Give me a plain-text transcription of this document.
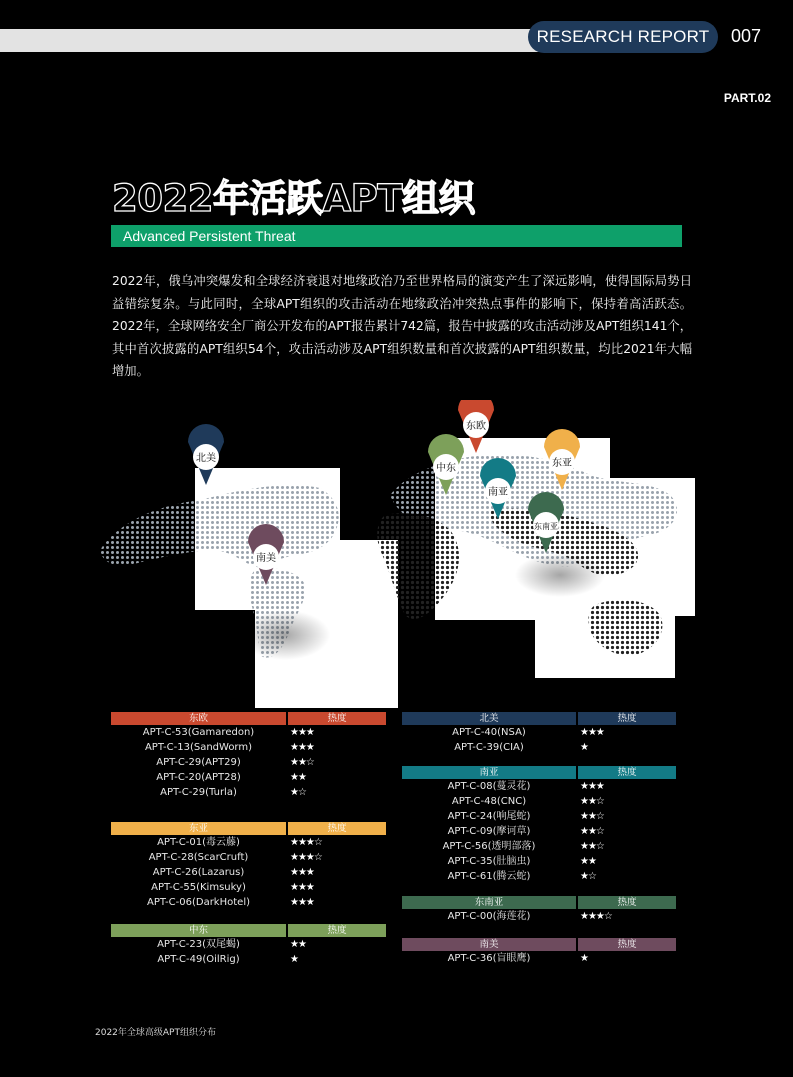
RESEARCH REPORT	007
PART.02
2022年活跃APT组织
Advanced Persistent Threat
2022年，俄乌冲突爆发和全球经济衰退对地缘政治乃至世界格局的演变产生了深远影响，使得国际局势日益错综复杂。与此同时，全球APT组织的攻击活动在地缘政治冲突热点事件的影响下，保持着高活跃态。2022年，全球网络安全厂商公开发布的APT报告累计742篇，报告中披露的攻击活动涉及APT组织141个，其中首次披露的APT组织54个，攻击活动涉及APT组织数量和首次披露的APT组织数量，均比2021年大幅增加。
北美
南美
东欧
中东
南亚
东亚
东南亚
东欧	热度
APT-C-53(Gamaredon)	★★★
APT-C-13(SandWorm)	★★★
APT-C-29(APT29)	★★☆
APT-C-20(APT28)	★★
APT-C-29(Turla)	★☆
东亚	热度
APT-C-01(毒云藤)	★★★☆
APT-C-28(ScarCruft)	★★★☆
APT-C-26(Lazarus)	★★★
APT-C-55(Kimsuky)	★★★
APT-C-06(DarkHotel)	★★★
中东	热度
APT-C-23(双尾蝎)	★★
APT-C-49(OilRig)	★
北美	热度
APT-C-40(NSA)	★★★
APT-C-39(CIA)	★
南亚	热度
APT-C-08(蔓灵花)	★★★
APT-C-48(CNC)	★★☆
APT-C-24(响尾蛇)	★★☆
APT-C-09(摩诃草)	★★☆
APT-C-56(透明部落)	★★☆
APT-C-35(肚脑虫)	★★
APT-C-61(腾云蛇)	★☆
东南亚	热度
APT-C-00(海莲花)	★★★☆
南美	热度
APT-C-36(盲眼鹰)	★
2022年全球高级APT组织分布
